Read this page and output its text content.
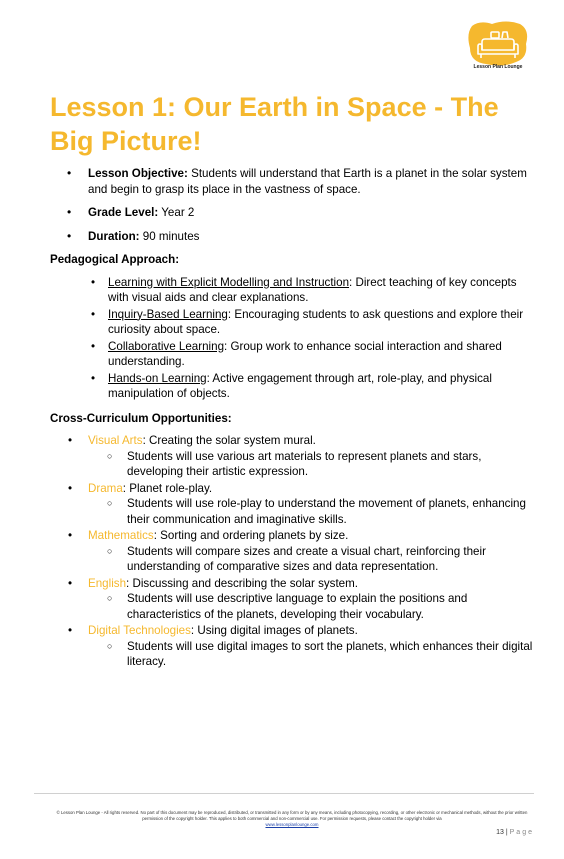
Lesson Plan Lounge
Lesson 1: Our Earth in Space - The Big Picture!
• Lesson Objective: Students will understand that Earth is a planet in the solar system and begin to grasp its place in the vastness of space.
• Grade Level: Year 2
• Duration: 90 minutes
Pedagogical Approach:
• Learning with Explicit Modelling and Instruction: Direct teaching of key concepts with visual aids and clear explanations.
• Inquiry-Based Learning: Encouraging students to ask questions and explore their curiosity about space.
• Collaborative Learning: Group work to enhance social interaction and shared understanding.
• Hands-on Learning: Active engagement through art, role-play, and physical manipulation of objects.
Cross-Curriculum Opportunities:
• Visual Arts: Creating the solar system mural.
○ Students will use various art materials to represent planets and stars, developing their artistic expression.
• Drama: Planet role-play.
○ Students will use role-play to understand the movement of planets, enhancing their communication and imaginative skills.
• Mathematics: Sorting and ordering planets by size.
○ Students will compare sizes and create a visual chart, reinforcing their understanding of comparative sizes and data representation.
• English: Discussing and describing the solar system.
○ Students will use descriptive language to explain the positions and characteristics of the planets, developing their vocabulary.
• Digital Technologies: Using digital images of planets.
○ Students will use digital images to sort the planets, which enhances their digital literacy.
© Lesson Plan Lounge - All rights reserved. No part of this document may be reproduced, distributed, or transmitted in any form or by any means, including photocopying, recording, or other electronic or mechanical methods, without the prior written permission of the copyright holder. This applies to both commercial and non-commercial use. For permission requests, please contact the copyright holder via
www.lessonplanlounge.com
13 | Page
